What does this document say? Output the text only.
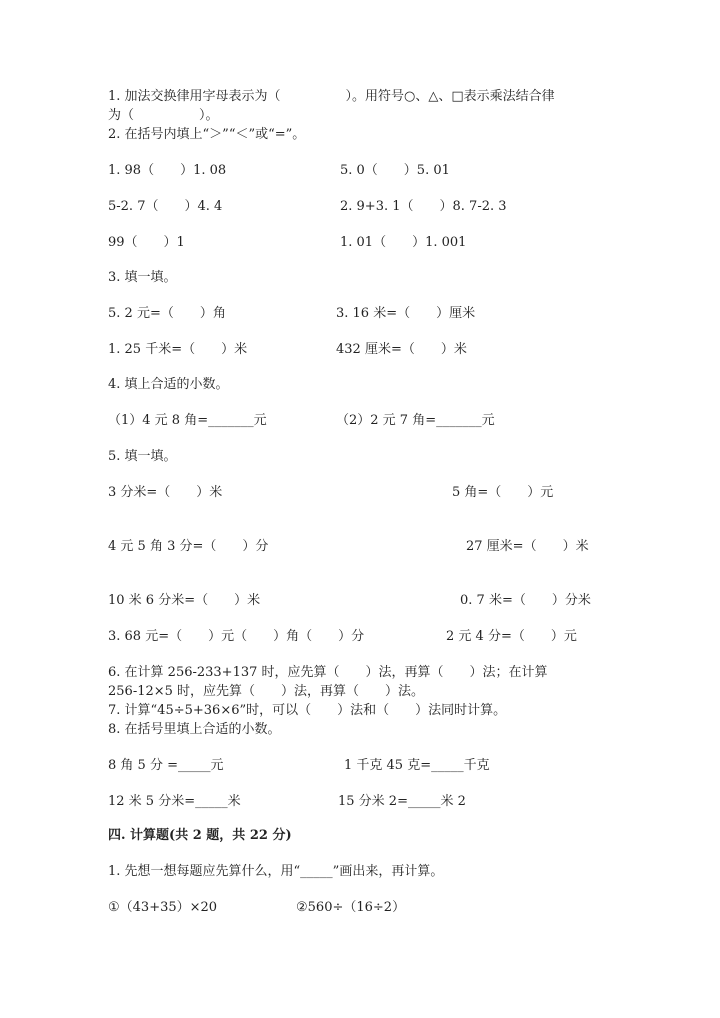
1. 加法交换律用字母表示为（　　　　　）。用符号○、△、□表示乘法结合律
为（　　　　　）。
2. 在括号内填上“＞”“＜”或“=”。
1. 98（　　）1. 08	5. 0（　　）5. 01
5-2. 7（　　）4. 4	2. 9+3. 1（　　）8. 7-2. 3
99（　　）1	1. 01（　　）1. 001
3. 填一填。
5. 2 元=（　　）角	3. 16 米=（　　）厘米
1. 25 千米=（　　）米	432 厘米=（　　）米
4. 填上合适的小数。
（1）4 元 8 角=_______元	（2）2 元 7 角=_______元
5. 填一填。
3 分米=（　　）米	5 角=（　　）元
4 元 5 角 3 分=（　　）分	27 厘米=（　　）米
10 米 6 分米=（　　）米	0. 7 米=（　　）分米
3. 68 元=（　　）元（　　）角（　　）分	2 元 4 分=（　　）元
6. 在计算 256-233+137 时，应先算（　　）法，再算（　　）法；在计算
256-12×5 时，应先算（　　）法，再算（　　）法。
7. 计算“45÷5+36×6”时，可以（　　）法和（　　）法同时计算。
8. 在括号里填上合适的小数。
8 角 5 分 =_____元	1 千克 45 克=_____千克
12 米 5 分米=_____米	15 分米 2=_____米 2
四. 计算题(共 2 题，共 22 分)
1. 先想一想每题应先算什么，用“_____”画出来，再计算。
①（43+35）×20	②560÷（16÷2）
